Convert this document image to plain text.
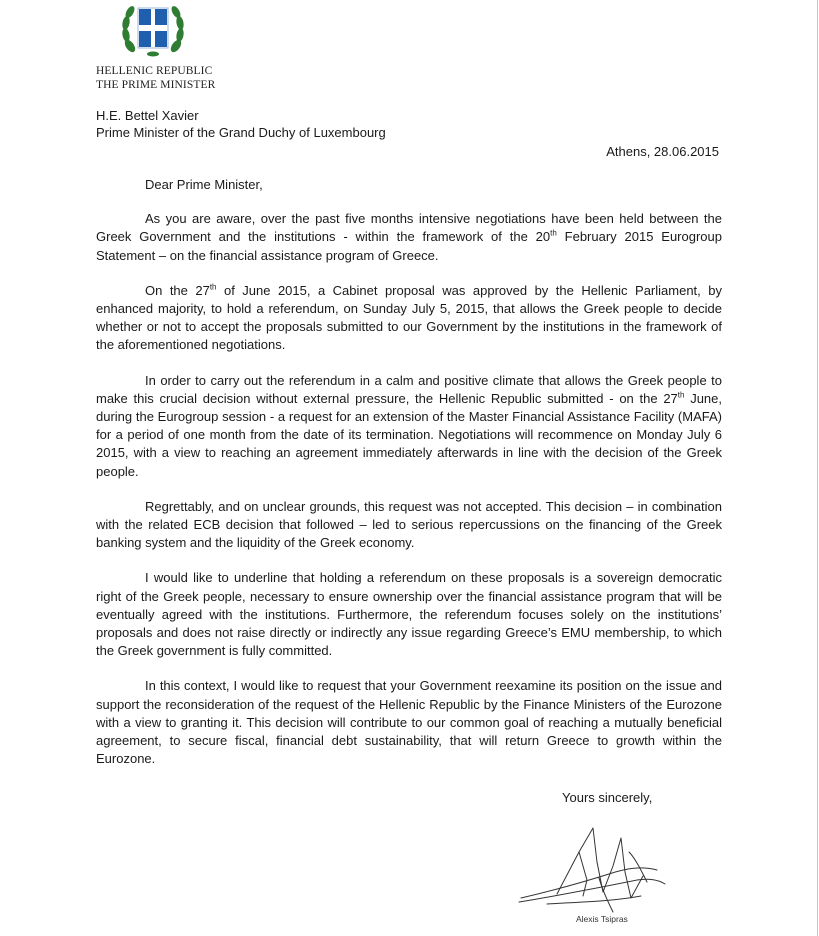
HELLENIC REPUBLIC
THE PRIME MINISTER
H.E. Bettel Xavier
Prime Minister of the Grand Duchy of Luxembourg
Athens, 28.06.2015

Dear Prime Minister,

As you are aware, over the past five months intensive negotiations have been held between the Greek Government and the institutions - within the framework of the 20th February 2015 Eurogroup Statement – on the financial assistance program of Greece.

On the 27th of June 2015, a Cabinet proposal was approved by the Hellenic Parliament, by enhanced majority, to hold a referendum, on Sunday July 5, 2015, that allows the Greek people to decide whether or not to accept the proposals submitted to our Government by the institutions in the framework of the aforementioned negotiations.

In order to carry out the referendum in a calm and positive climate that allows the Greek people to make this crucial decision without external pressure, the Hellenic Republic submitted - on the 27th June, during the Eurogroup session - a request for an extension of the Master Financial Assistance Facility (MAFA) for a period of one month from the date of its termination. Negotiations will recommence on Monday July 6 2015, with a view to reaching an agreement immediately afterwards in line with the decision of the Greek people.

Regrettably, and on unclear grounds, this request was not accepted. This decision – in combination with the related ECB decision that followed – led to serious repercussions on the financing of the Greek banking system and the liquidity of the Greek economy.

I would like to underline that holding a referendum on these proposals is a sovereign democratic right of the Greek people, necessary to ensure ownership over the financial assistance program that will be eventually agreed with the institutions. Furthermore, the referendum focuses solely on the institutions’ proposals and does not raise directly or indirectly any issue regarding Greece’s EMU membership, to which the Greek government is fully committed.

In this context, I would like to request that your Government reexamine its position on the issue and support the reconsideration of the request of the Hellenic Republic by the Finance Ministers of the Eurozone with a view to granting it. This decision will contribute to our common goal of reaching a mutually beneficial agreement, to secure fiscal, financial debt sustainability, that will return Greece to growth within the Eurozone.

Yours sincerely,
Alexis Tsipras
